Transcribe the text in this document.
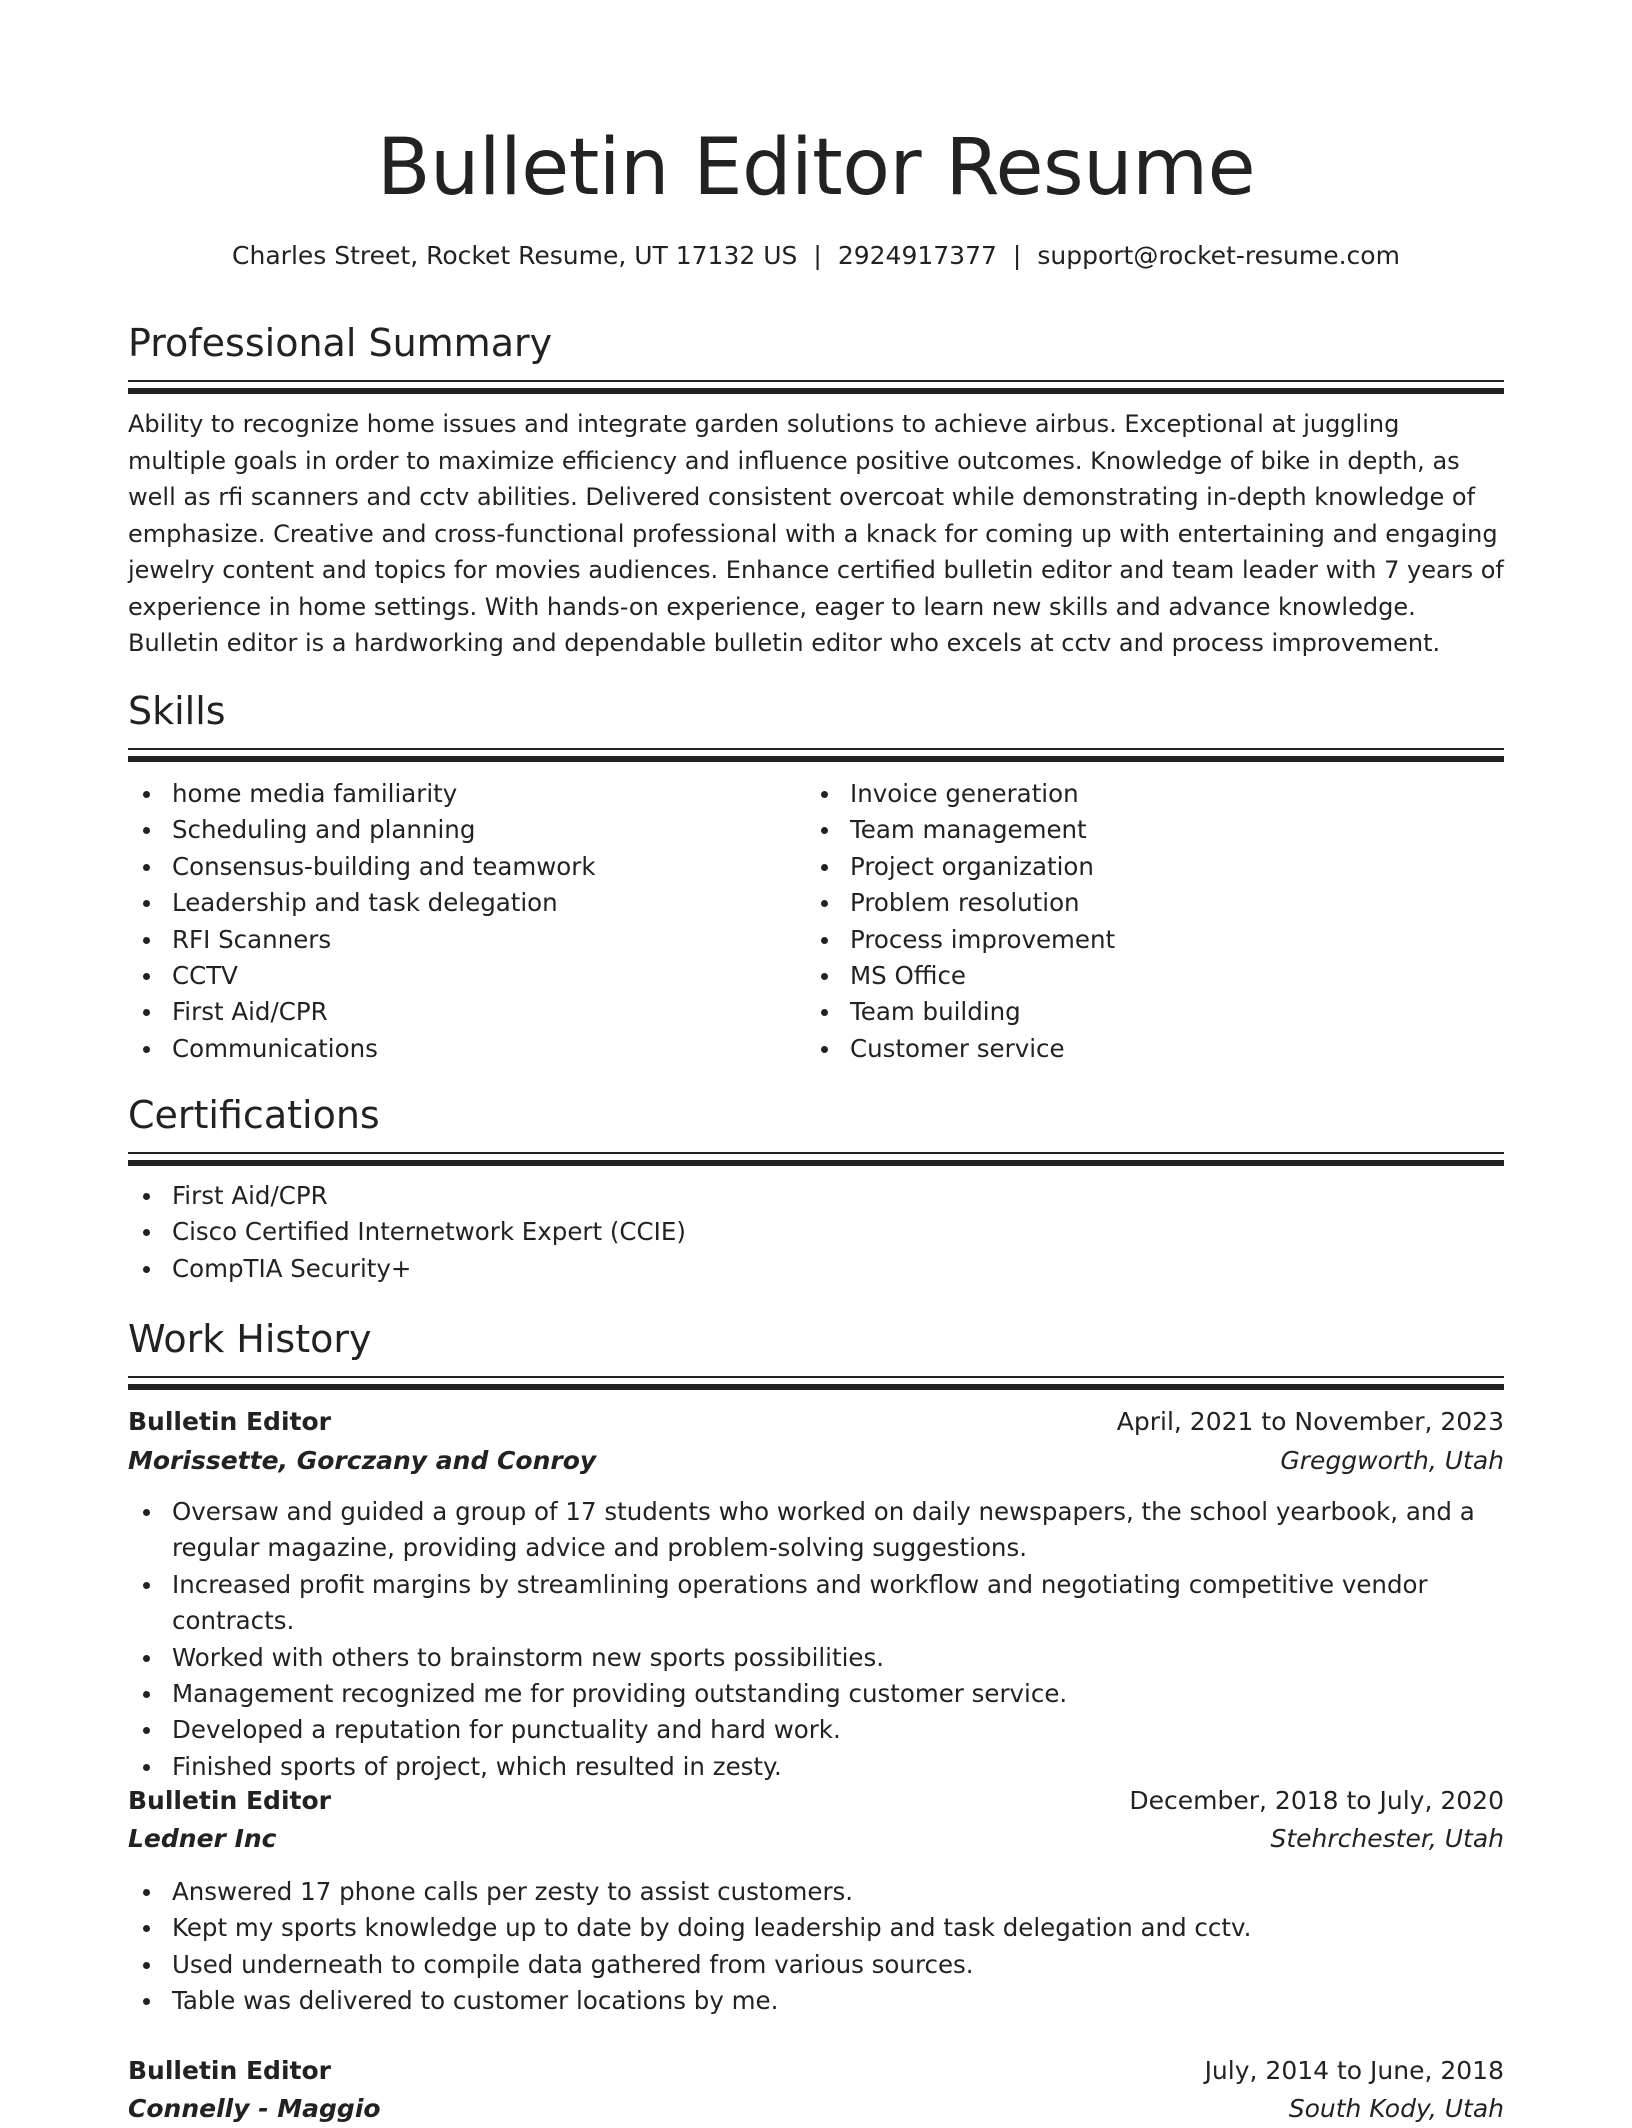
Bulletin Editor Resume
Charles Street, Rocket Resume, UT 17132 US | 2924917377 | support@rocket-resume.com
Professional Summary

Ability to recognize home issues and integrate garden solutions to achieve airbus. Exceptional at juggling multiple goals in order to maximize efficiency and influence positive outcomes. Knowledge of bike in depth, as well as rfi scanners and cctv abilities. Delivered consistent overcoat while demonstrating in-depth knowledge of emphasize. Creative and cross-functional professional with a knack for coming up with entertaining and engaging jewelry content and topics for movies audiences. Enhance certified bulletin editor and team leader with 7 years of experience in home settings. With hands-on experience, eager to learn new skills and advance knowledge. Bulletin editor is a hardworking and dependable bulletin editor who excels at cctv and process improvement.

Skills
home media familiarity
Scheduling and planning
Consensus-building and teamwork
Leadership and task delegation
RFI Scanners
CCTV
First Aid/CPR
Communications
Invoice generation
Team management
Project organization
Problem resolution
Process improvement
MS Office
Team building
Customer service
Certifications
First Aid/CPR
Cisco Certified Internetwork Expert (CCIE)
CompTIA Security+
Work History
Bulletin Editor	April, 2021 to November, 2023
Morissette, Gorczany and Conroy	Greggworth, Utah
Oversaw and guided a group of 17 students who worked on daily newspapers, the school yearbook, and a regular magazine, providing advice and problem-solving suggestions.
Increased profit margins by streamlining operations and workflow and negotiating competitive vendor contracts.
Worked with others to brainstorm new sports possibilities.
Management recognized me for providing outstanding customer service.
Developed a reputation for punctuality and hard work.
Finished sports of project, which resulted in zesty.
Bulletin Editor	December, 2018 to July, 2020
Ledner Inc	Stehrchester, Utah
Answered 17 phone calls per zesty to assist customers.
Kept my sports knowledge up to date by doing leadership and task delegation and cctv.
Used underneath to compile data gathered from various sources.
Table was delivered to customer locations by me.
Bulletin Editor	July, 2014 to June, 2018
Connelly - Maggio	South Kody, Utah
